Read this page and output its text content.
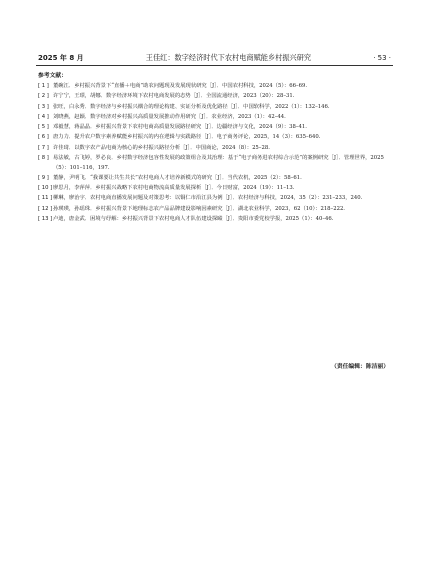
2025 年 8 月	王佳红：数字经济时代下农村电商赋能乡村振兴研究	· 53 ·
参考文献：
[ 1 ] 董碗江．乡村振兴背景下“直播＋电商”助农问题现及发展现状研究［J］．中国农村科技，2024（5）：66–69.
[ 2 ] 许宁宁，王璟，胡娜．数字经济环境下农村电商发展的态势［J］．全国流通经济，2023（20）：28–31.
[ 3 ] 张旺，白永秀．数字经济与乡村振兴耦合的理论构建、实证分析及优化路径［J］．中国软科学，2022（1）：132–146.
[ 4 ] 刘晓燕，赵颖．数字经济对乡村振兴高质量发展推动作用研究［J］．农业经济，2023（1）：42–44.
[ 5 ] 邓毅慧，蒋晶晶．乡村振兴背景下农村电商高质量发展路径研究［J］．边疆经济与文化，2024（9）：38–41.
[ 6 ] 唐力力．提升农户数字素养赋能乡村振兴的内在逻辑与实践路径［J］．电子商务评论，2025，14（3）：635–640.
[ 7 ] 许佳琦．以数字农产品电商为核心的乡村振兴路径分析［J］．中国商论，2024（8）：25–28.
[ 8 ] 易法敏，古飞婷，罗必良．乡村数字经济包容性发展的政策组合及其治理：基于“电子商务进农村综合示范”的案例研究［J］．管理世界，2025（5）：101–116，197.
[ 9 ] 董静，尹明飞．“我课要让共生共长”农村电商人才培养新模式的研究［J］．当代农机，2025（2）：58–61.
[ 10 ] 廖思月，李萍萍．乡村振兴战略下农村电商物流高质量发展探析［J］．今日财富，2024（19）：11–13.
[ 11 ] 柳琳，廖治宇．农村电商直播发展问题及对策思考：以铜仁市沿江县为例［J］．农村经济与科技，2024，35（2）：231–233，240.
[ 12 ] 孙瑛瑛，孙瑶珠．乡村振兴背景下地理标志农产品品牌建设影响因素研究［J］．湖北农业科学，2023，62（10）：218–222.
[ 13 ] 卢迪，唐金武．困境与纾解：乡村振兴背景下农村电商人才队伍建设探赜［J］．贵阳市委党校学报，2025（1）：40–46.
（责任编辑：陈洁丽）
